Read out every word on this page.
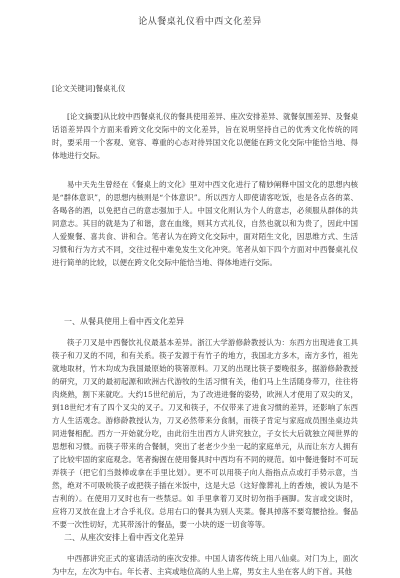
论从餐桌礼仪看中西文化差异

[论文关键词]餐桌礼仪

[论文摘要]从比较中西餐桌礼仪的餐具使用差异、座次安排差异、就餐氛围差异、及餐桌话语差异四个方面来看跨文化交际中的文化差异，旨在说明坚持自己的优秀文化传统的同时，要采用一个客观、宽容、尊重的心态对待异国文化以便能在跨文化交际中能恰当地、得体地进行交际。

易中天先生曾经在《餐桌上的文化》里对中西文化进行了精妙阐释中国文化的思想内核是“群体意识”，的思想内核则是“个体意识”。所以西方人即使请客吃饭，也是各点各的菜、各喝各的酒，以免把自己的意志强加于人。中国文化则认为个人的意志，必须服从群体的共同意志。其目的就是为了和谐，意在血缘，则其方式礼仪，自然也就以和为贵了，因此中国人爱聚餐、喜共食、讲和合。笔者认为在跨文化交际中，面对陌生文化，因思维方式、生活习惯和行为方式不同，交往过程中难免发生文化冲突。笔者从如下四个方面对中西餐桌礼仪进行简单的比较，以便在跨文化交际中能恰当地、得体地进行交际。

一、从餐具使用上看中西文化差异

筷子刀叉是中西餐饮礼仪最基本差异。浙江大学游修龄教授认为：东西方出现进食工具筷子和刀叉的不同，和有关系。筷子发源于有竹子的地方，我国北方多木，南方多竹，祖先就地取材，竹木均成为我国最原始的筷箸原料。刀叉的出现比筷子要晚很多，据游修龄教授的研究，刀叉的最初起源和欧洲古代游牧的生活习惯有关，他们马上生活随身带刀，往往将肉烧熟，割下来就吃。大约15世纪前后，为了改进进餐的姿势，欧洲人才使用了双尖的叉，到18世纪才有了四个叉尖的叉子。刀叉和筷子，不仅带来了进食习惯的差异，还影响了东西方人生活观念。游修龄教授认为，刀叉必然带来分食制，而筷子肯定与家庭成员围坐桌边共同进餐相配。西方一开始就分吃，由此衍生出西方人讲究独立，子女长大后就独立闯世界的思想和习惯。而筷子带来的合餐制，突出了老老少少坐一起的家庭单元，从而让东方人拥有了比较牢固的家庭观念。笔者掬握在使用餐具时中西均有不同的规范。如中餐进餐时不可玩弄筷子（把它们当鼓棒或拿在手里比划）。更不可以用筷子向人指指点点或打手势示意，当然，绝对不可吸吮筷子或把筷子插在米饭中，这是大忌（这好像葬礼上的香烛，被认为是不吉利的）。在使用刀叉时也有一些禁忌。如 手里拿着刀叉时切勿指手画脚。发言或交谈时，应将刀叉放在盘上才合乎礼仪。总用右口的餐具为别人夹菜。餐具掉落不要弯腰拾捡。餐品不要一次性切好，尤其带汤汁的餐品，要一小块的逐一切食等等。

二、从座次安排上看中西文化差异

中西都讲究正式的宴请活动的座次安排。中国人请客传统上用八仙桌。对门为上，面次为中左，左次为中右。年长者、主宾或地位高的人坐上席，男女主人坐在客人的下首。其他
